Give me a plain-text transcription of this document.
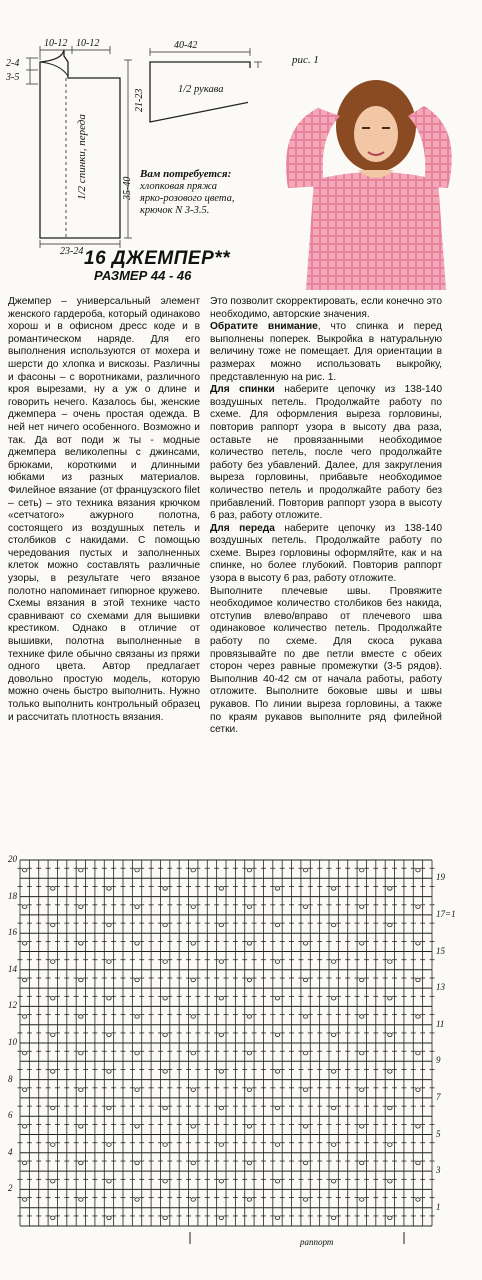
10-12 10-12
2-4
3-5
23-24
35-40
21-23
1/2 спинки, переда
40-42
1/2 рукава
рис. 1
Вам потребуется:
хлопковая пряжа
ярко-розового цвета,
крючок N 3-3.5.
16 ДЖЕМПЕР**
РАЗМЕР 44 - 46

Джемпер – универсальный элемент женского гардероба, который одинаково хорош и в офисном дресс коде и в романтическом наряде. Для его выполнения используются от мохера и шерсти до хлопка и вискозы. Различны и фасоны – с воротниками, различного кроя вырезами, ну а уж о длине и говорить нечего. Казалось бы, женские джемпера – очень простая одежда. В ней нет ничего особенного. Возможно и так. Да вот поди ж ты - модные джемпера великолепны с джинсами, брюками, короткими и длинными юбками из разных материалов. Филейное вязание (от французского filet – сеть) – это техника вязания крючком «сетчатого» ажурного полотна, состоящего из воздушных петель и столбиков с накидами. С помощью чередования пустых и заполненных клеток можно составлять различные узоры, в результате чего вязаное полотно напоминает гипюрное кружево. Схемы вязания в этой технике часто сравнивают со схемами для вышивки крестиком. Однако в отличие от вышивки, полотна выполненные в технике филе обычно связаны из пряжи одного цвета. Автор предлагает довольно простую модель, которую можно очень быстро выполнить. Нужно только выполнить контрольный образец и рассчитать плотность вязания.

Это позволит скорректировать, если конечно это необходимо, авторские значения.

Обратите внимание, что спинка и перед выполнены поперек. Выкройка в натуральную величину тоже не помещает. Для ориентации в размерах можно использовать выкройку, представленную на рис. 1.

Для спинки наберите цепочку из 138-140 воздушных петель. Продолжайте работу по схеме. Для оформления выреза горловины, повторив раппорт узора в высоту два раза, оставьте не провязанными необходимое количество петель, после чего продолжайте работу без убавлений. Далее, для закругления выреза горловины, прибавьте необходимое количество петель и продолжайте работу без прибавлений. Повторив раппорт узора в высоту 6 раз, работу отложите.

Для переда наберите цепочку из 138-140 воздушных петель. Продолжайте работу по схеме. Вырез горловины оформляйте, как и на спинке, но более глубокий. Повторив раппорт узора в высоту 6 раз, работу отложите.

Выполните плечевые швы. Провяжите необходимое количество столбиков без накида, отступив влево/вправо от плечевого шва одинаковое количество петель. Продолжайте работу по схеме. Для скоса рукава провязывайте по две петли вместе с обеих сторон через равные промежутки (3-5 рядов). Выполнив 40-42 см от начала работы, работу отложите. Выполните боковые швы и швы рукавов. По линии выреза горловины, а также по краям рукавов выполните ряд филейной сетки.

20
18
16
14
12
10
8
6
4
2
19
17=1
15
13
11
9
7
5
3
1
раппорт
